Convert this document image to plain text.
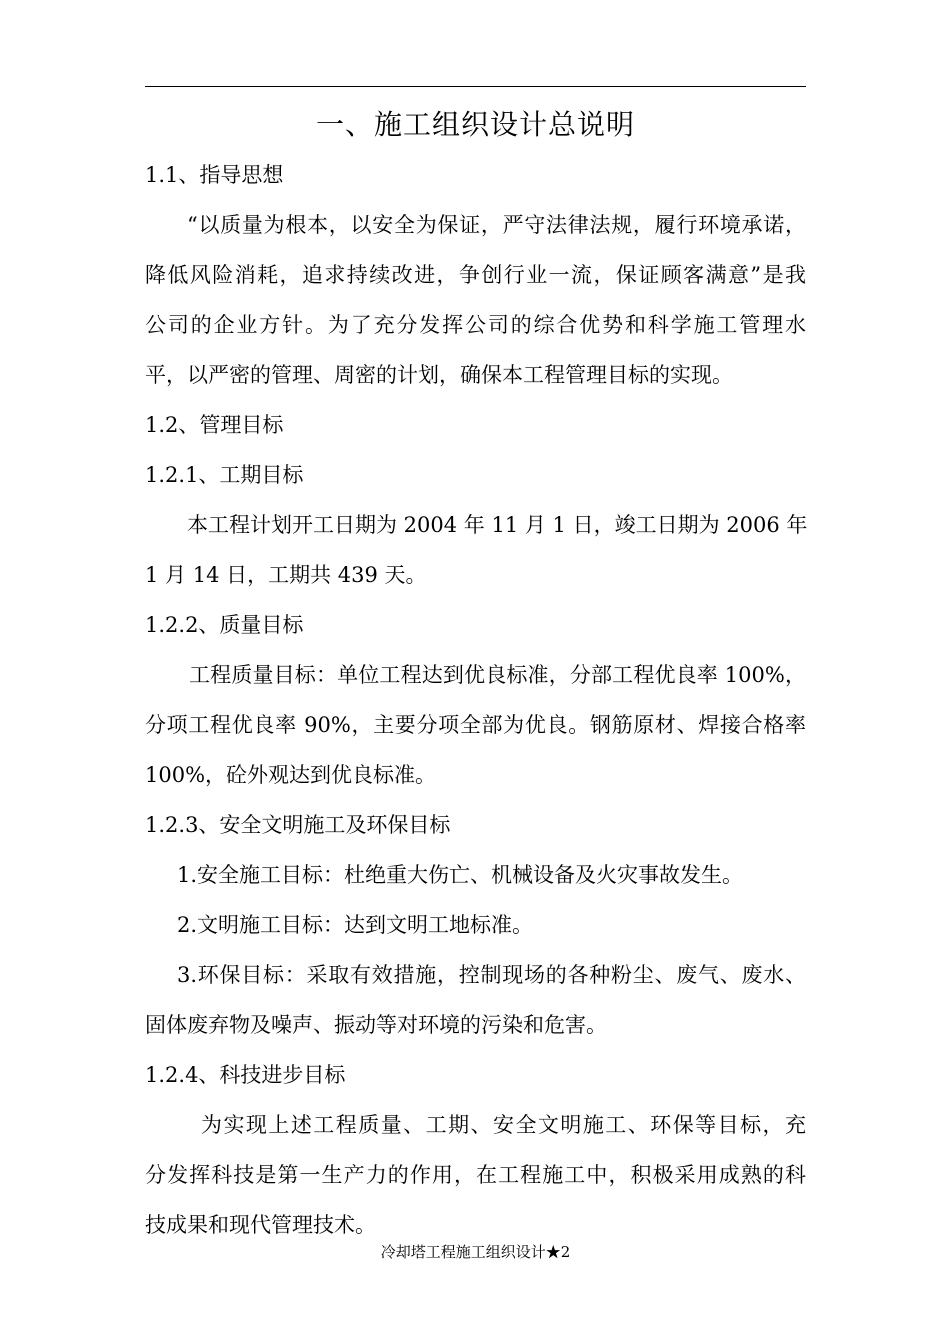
一、施工组织设计总说明

1.1、指导思想

“以质量为根本，以安全为保证，严守法律法规，履行环境承诺，

降低风险消耗，追求持续改进，争创行业一流，保证顾客满意”是我

公司的企业方针。为了充分发挥公司的综合优势和科学施工管理水

平，以严密的管理、周密的计划，确保本工程管理目标的实现。

1.2、管理目标

1.2.1、工期目标

本工程计划开工日期为 2004 年 11 月 1 日，竣工日期为 2006 年

1 月 14 日，工期共 439 天。

1.2.2、质量目标

工程质量目标：单位工程达到优良标准，分部工程优良率 100%，

分项工程优良率 90%，主要分项全部为优良。钢筋原材、焊接合格率

100%，砼外观达到优良标准。

1.2.3、安全文明施工及环保目标

1.安全施工目标：杜绝重大伤亡、机械设备及火灾事故发生。

2.文明施工目标：达到文明工地标准。

3.环保目标：采取有效措施，控制现场的各种粉尘、废气、废水、

固体废弃物及噪声、振动等对环境的污染和危害。

1.2.4、科技进步目标

为实现上述工程质量、工期、安全文明施工、环保等目标，充

分发挥科技是第一生产力的作用，在工程施工中，积极采用成熟的科

技成果和现代管理技术。

冷却塔工程施工组织设计★2
